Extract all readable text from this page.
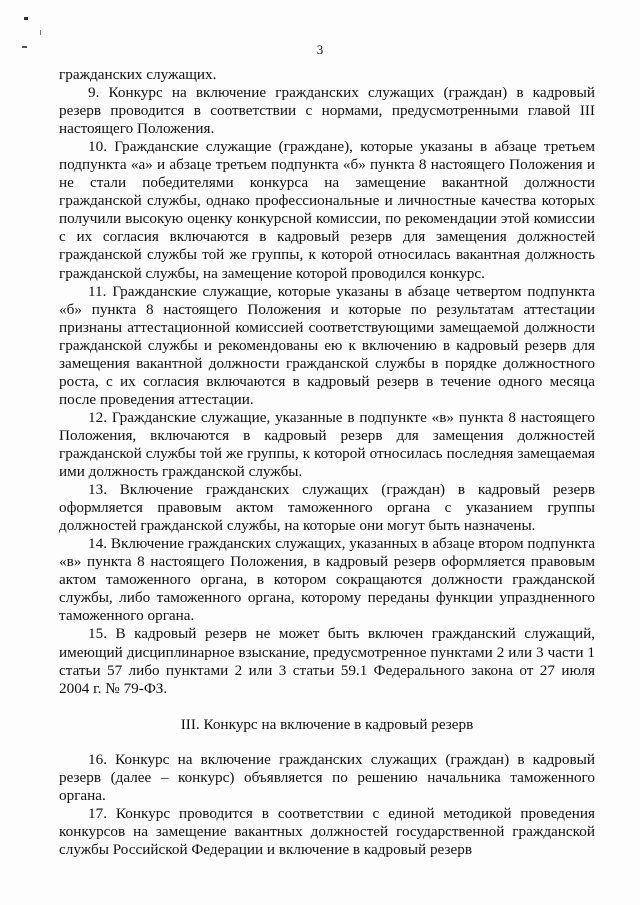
3

гражданских служащих.

9. Конкурс на включение гражданских служащих (граждан) в кадровый резерв проводится в соответствии с нормами, предусмотренными главой III настоящего Положения.

10. Гражданские служащие (граждане), которые указаны в абзаце третьем подпункта «а» и абзаце третьем подпункта «б» пункта 8 настоящего Положения и не стали победителями конкурса на замещение вакантной должности гражданской службы, однако профессиональные и личностные качества которых получили высокую оценку конкурсной комиссии, по рекомендации этой комиссии с их согласия включаются в кадровый резерв для замещения должностей гражданской службы той же группы, к которой относилась вакантная должность гражданской службы, на замещение которой проводился конкурс.

11. Гражданские служащие, которые указаны в абзаце четвертом подпункта «б» пункта 8 настоящего Положения и которые по результатам аттестации признаны аттестационной комиссией соответствующими замещаемой должности гражданской службы и рекомендованы ею к включению в кадровый резерв для замещения вакантной должности гражданской службы в порядке должностного роста, с их согласия включаются в кадровый резерв в течение одного месяца после проведения аттестации.

12. Гражданские служащие, указанные в подпункте «в» пункта 8 настоящего Положения, включаются в кадровый резерв для замещения должностей гражданской службы той же группы, к которой относилась последняя замещаемая ими должность гражданской службы.

13. Включение гражданских служащих (граждан) в кадровый резерв оформляется правовым актом таможенного органа с указанием группы должностей гражданской службы, на которые они могут быть назначены.

14. Включение гражданских служащих, указанных в абзаце втором подпункта «в» пункта 8 настоящего Положения, в кадровый резерв оформляется правовым актом таможенного органа, в котором сокращаются должности гражданской службы, либо таможенного органа, которому переданы функции упраздненного таможенного органа.

15. В кадровый резерв не может быть включен гражданский служащий, имеющий дисциплинарное взыскание, предусмотренное пунктами 2 или 3 части 1 статьи 57 либо пунктами 2 или 3 статьи 59.1 Федерального закона от 27 июля 2004 г. № 79-ФЗ.

III. Конкурс на включение в кадровый резерв

16. Конкурс на включение гражданских служащих (граждан) в кадровый резерв (далее – конкурс) объявляется по решению начальника таможенного органа.

17. Конкурс проводится в соответствии с единой методикой проведения конкурсов на замещение вакантных должностей государственной гражданской службы Российской Федерации и включение в кадровый резерв
